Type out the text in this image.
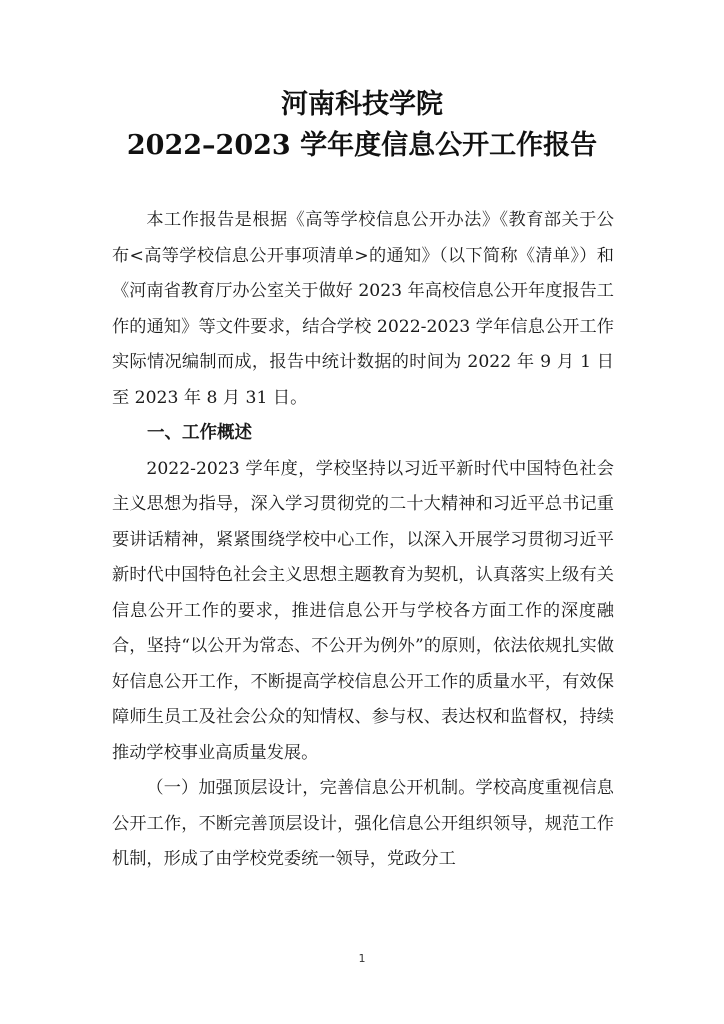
河南科技学院
2022–2023 学年度信息公开工作报告

本工作报告是根据《高等学校信息公开办法》《教育部关于公布<高等学校信息公开事项清单>的通知》（以下简称《清单》）和《河南省教育厅办公室关于做好 2023 年高校信息公开年度报告工作的通知》等文件要求，结合学校 2022-2023 学年信息公开工作实际情况编制而成，报告中统计数据的时间为 2022 年 9 月 1 日至 2023 年 8 月 31 日。

一、工作概述

2022-2023 学年度，学校坚持以习近平新时代中国特色社会主义思想为指导，深入学习贯彻党的二十大精神和习近平总书记重要讲话精神，紧紧围绕学校中心工作，以深入开展学习贯彻习近平新时代中国特色社会主义思想主题教育为契机，认真落实上级有关信息公开工作的要求，推进信息公开与学校各方面工作的深度融合，坚持“以公开为常态、不公开为例外”的原则，依法依规扎实做好信息公开工作，不断提高学校信息公开工作的质量水平，有效保障师生员工及社会公众的知情权、参与权、表达权和监督权，持续推动学校事业高质量发展。

（一）加强顶层设计，完善信息公开机制。学校高度重视信息公开工作，不断完善顶层设计，强化信息公开组织领导，规范工作机制，形成了由学校党委统一领导，党政分工

1
